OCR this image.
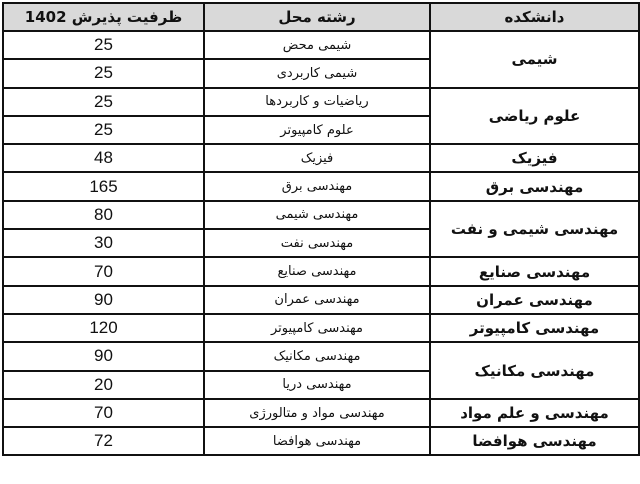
دانشکده	رشته محل	ظرفیت پذیرش 1402
شیمی	شیمی محض	25
	شیمی کاربردی	25
علوم ریاضی	ریاضیات و کاربردها	25
	علوم کامپیوتر	25
فیزیک	فیزیک	48
مهندسی برق	مهندسی برق	165
مهندسی شیمی و نفت	مهندسی شیمی	80
	مهندسی نفت	30
مهندسی صنایع	مهندسی صنایع	70
مهندسی عمران	مهندسی عمران	90
مهندسی کامپیوتر	مهندسی کامپیوتر	120
مهندسی مکانیک	مهندسی مکانیک	90
	مهندسی دریا	20
مهندسی و علم مواد	مهندسی مواد و متالورژی	70
مهندسی هوافضا	مهندسی هوافضا	72
